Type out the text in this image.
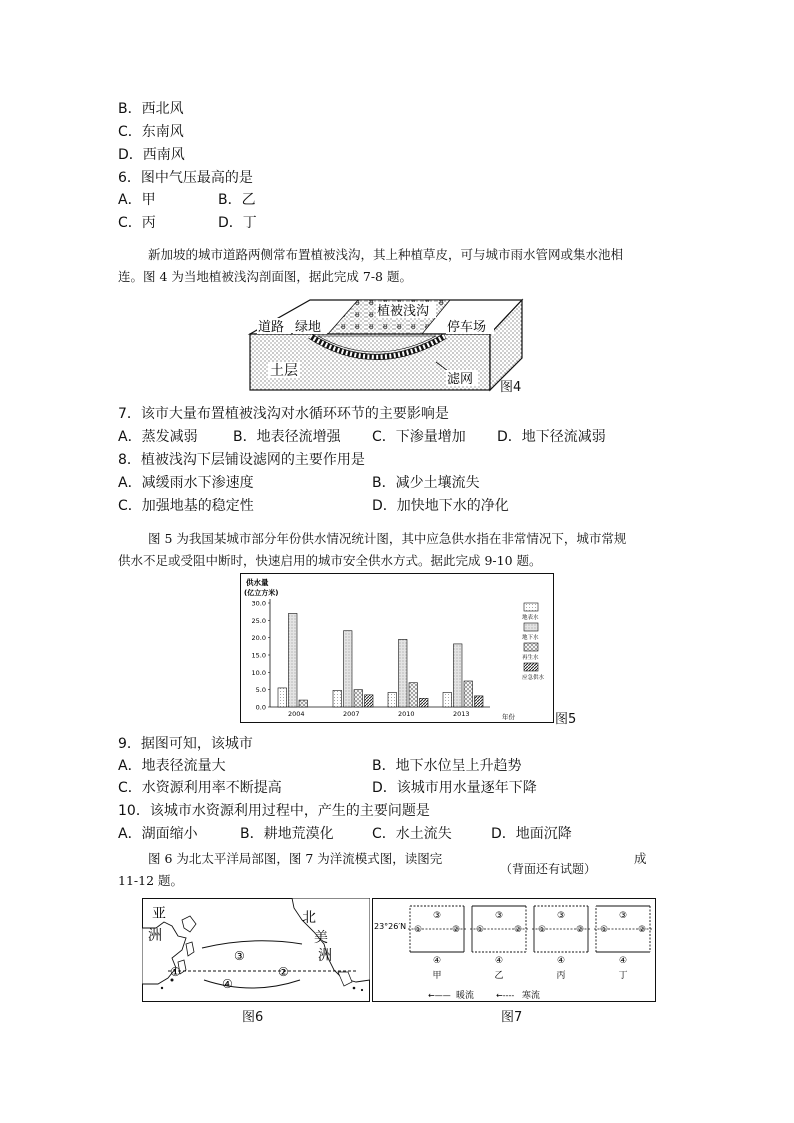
B．西北风
C．东南风
D．西南风
6．图中气压最高的是
A．甲	B．乙
C．丙	D．丁
新加坡的城市道路两侧常布置植被浅沟，其上种植草皮，可与城市雨水管网或集水池相
连。图 4 为当地植被浅沟剖面图，据此完成 7-8 题。
道路 绿地
植被浅沟
停车场
土层
滤网
图4
7．该市大量布置植被浅沟对水循环环节的主要影响是
A．蒸发减弱	B．地表径流增强 C．下渗量增加 D．地下径流减弱
8．植被浅沟下层铺设滤网的主要作用是
A．减缓雨水下渗速度	B．减少土壤流失
C．加强地基的稳定性	D．加快地下水的净化
图 5 为我国某城市部分年份供水情况统计图，其中应急供水指在非常情况下，城市常规
供水不足或受阻中断时，快速启用的城市安全供水方式。据此完成 9-10 题。
供水量
(亿立方米)
0.0
5.0
10.0
15.0
20.0
25.0
30.0
2004	2007	2010	2013	年份
地表水
地下水
再生水
应急供水
图5
9．据图可知，该城市
A．地表径流量大	B．地下水位呈上升趋势
C．水资源利用率不断提高	D．该城市用水量逐年下降
10．该城市水资源利用过程中，产生的主要问题是
A．湖面缩小	B．耕地荒漠化	C．水土流失	D．地面沉降
图 6 为北太平洋局部图，图 7 为洋流模式图，读图完
11-12 题。
成
（背面还有试题）
亚
洲
北
美
洲
③
①	②
④
图6
23°26′N
③
①	②
④
甲
③
①	②
④
乙
③
①	②
④
丙
③
①	②
④
丁
←—— 暖流	←---- 寒流
图7
